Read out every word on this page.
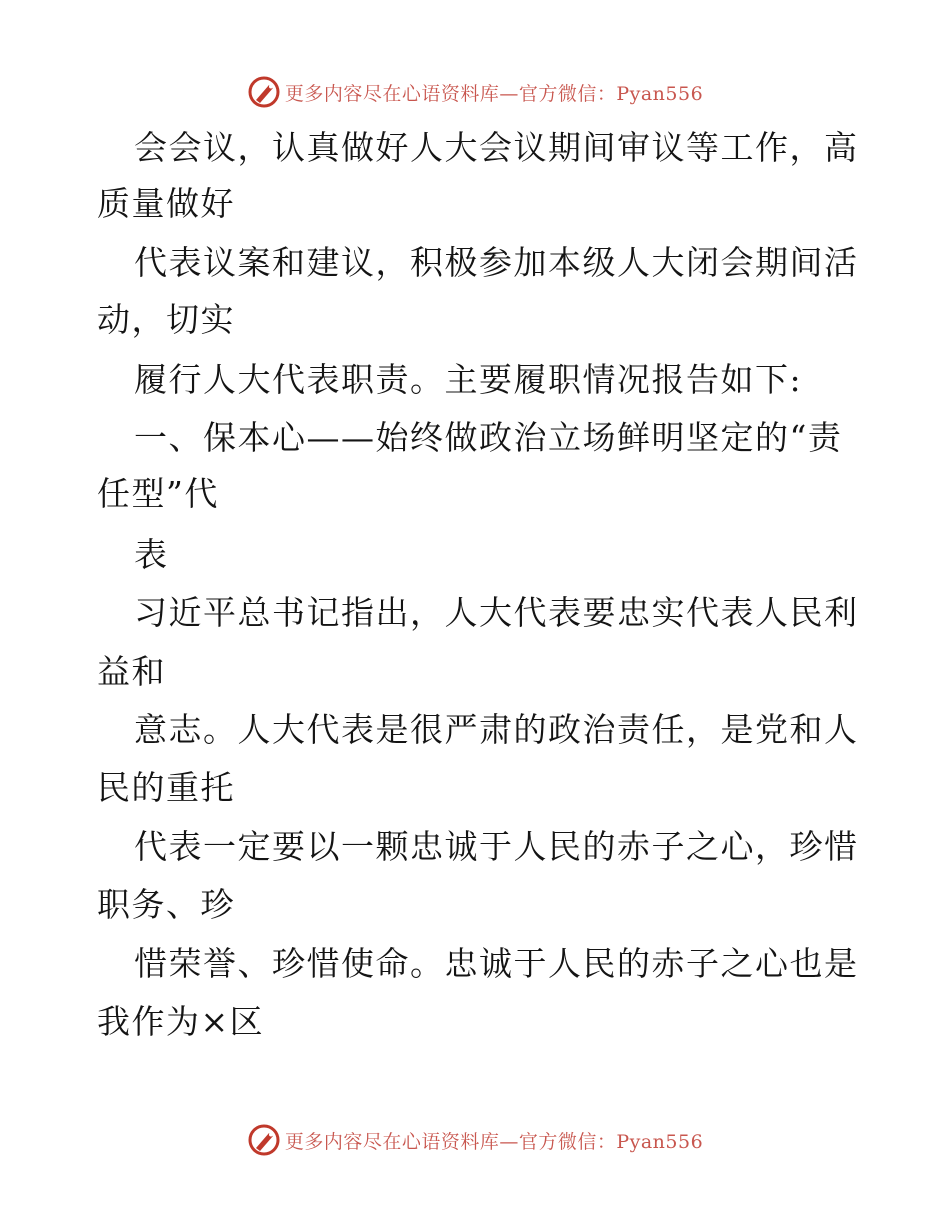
更多内容尽在心语资料库—官方微信：Pyan556
会会议，认真做好人大会议期间审议等工作，高
质量做好
代表议案和建议，积极参加本级人大闭会期间活
动，切实
履行人大代表职责。主要履职情况报告如下:
一、保本心——始终做政治立场鲜明坚定的“责
任型”代
表
习近平总书记指出，人大代表要忠实代表人民利
益和
意志。人大代表是很严肃的政治责任，是党和人
民的重托
代表一定要以一颗忠诚于人民的赤子之心，珍惜
职务、珍
惜荣誉、珍惜使命。忠诚于人民的赤子之心也是
我作为×区
更多内容尽在心语资料库—官方微信：Pyan556
